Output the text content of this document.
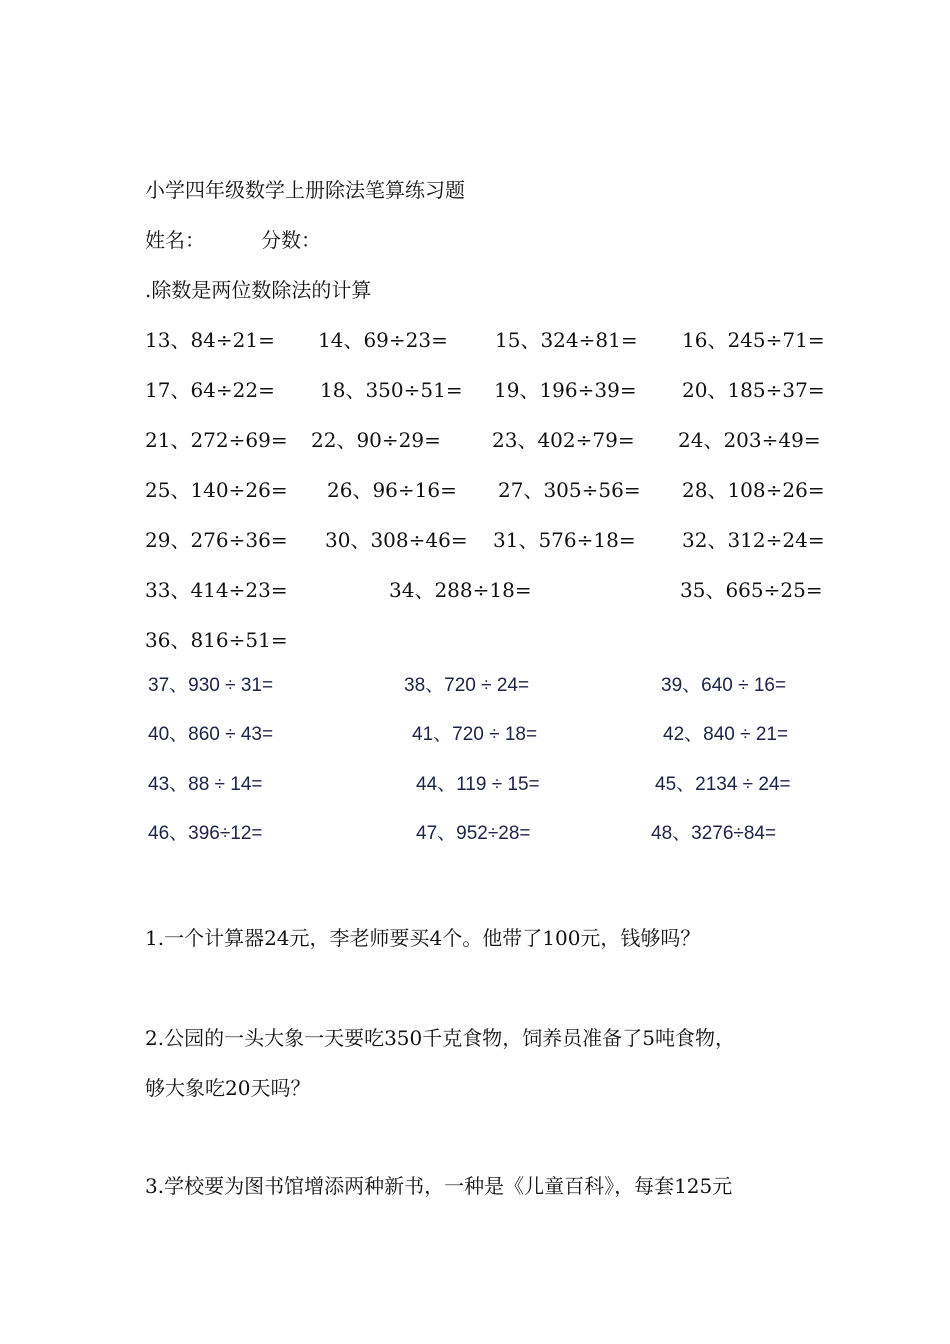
小学四年级数学上册除法笔算练习题
姓名：	分数：
.除数是两位数除法的计算
13、84÷21= 14、69÷23= 15、324÷81= 16、245÷71=
17、64÷22= 18、350÷51= 19、196÷39= 20、185÷37=
21、272÷69= 22、90÷29=	23、402÷79= 24、203÷49=
25、140÷26= 26、96÷16= 27、305÷56= 28、108÷26=
29、276÷36= 30、308÷46= 31、576÷18= 32、312÷24=
33、414÷23=	34、288÷18=	35、665÷25=
36、816÷51=
37、930 ÷ 31=	38、720 ÷ 24=	39、640 ÷ 16=
40、860 ÷ 43=	41、720 ÷ 18=	42、840 ÷ 21=
43、88 ÷ 14=	44、119 ÷ 15=	45、2134 ÷ 24=
46、396÷12=	47、952÷28=	48、3276÷84=
1.一个计算器24元，李老师要买4个。他带了100元，钱够吗？
2.公园的一头大象一天要吃350千克食物，饲养员准备了5吨食物，
够大象吃20天吗？
3.学校要为图书馆增添两种新书，一种是《儿童百科》，每套125元
